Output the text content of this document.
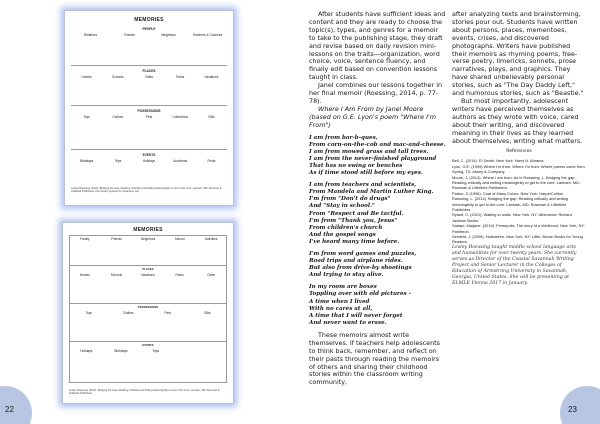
MEMORIES
PEOPLE
Relatives	Friends	Neighbors	Teachers & Coaches
PLACES
Homes	Schools	Cities	Parks	Vacations
POSSESSIONS
Toys	Clothes	Pets	Collections	Gifts
EVENTS
Birthdays	Trips	Holidays	Accidents	Firsts
Lesley Roessing (2014). Bridging the Gap: Reading Critically and Writing Meaningfully to Get to the Core. Lanham, MD: Rowman & Littlefield Publishers. Permission granted for classroom use.
MEMORIES
Family	Friends	Neighbors	School	Activities
PLACES
Homes	Schools	Vacations	Parks	Cities
POSSESSIONS
Toys	Clothes	Pets	Gifts
EVENTS
Holidays	Birthdays	Trips
Lesley Roessing (2014). Bridging the Gap: Reading Critically and Writing Meaningfully to Get to the Core. Lanham, MD: Rowman & Littlefield Publishers.
22

After students have sufficient ideas and content and they are ready to choose the topic(s), types, and genres for a memoir to take to the publishing stage, they draft and revise based on daily revision mini-lessons on the traits—organization, word choice, voice, sentence fluency, and finally edit based on convention lessons taught in class.

Janel combines our lessons together in her final memoir (Roessing, 2014, p. 77-78).

Where I Am From by Janel Moore (based on G.E. Lyon's poem "Where I'm From")

I am from bar-b-ques,
From corn-on-the-cob and mac-and-cheese.
I am from mowed grass and tall trees.
I am from the never-finished playground
That has no swing or benches
As if time stood still before my eyes.
I am from teachers and scientists,
From Mandela and Martin Luther King.
I'm from "Don't do drugs"
And "Stay in school."
From "Respect and Be tactful.
I'm from "Thank you, Jesus"
From children's church
And the gospel songs
I've heard many time before.
I'm from word games and puzzles,
Road trips and airplane rides.
But also from drive-by shootings
And trying to stay alive.
In my room are boxes
Toppling over with old pictures -
A time when I lived
With no cares at all,
A time that I will never forget
And never want to erase.

These memoirs almost write themselves. If teachers help adolescents to think back, remember, and reflect on their pasts through reading the memoirs of others and sharing their childhood stories within the classroom writing community,

after analyzing texts and brainstorming, stories pour out. Students have written about persons, places, mementoes, events, crises, and discovered photographs. Writers have published their memoirs as rhyming poems, free-verse poetry, limericks, sonnets, prose narratives, plays, and graphics. They have shared unbelievably personal stories, such as "The Day Daddy Left," and humorous stories, such as "Beastie."

But most importantly, adolescent writers have perceived themselves as authors as they wrote with voice, cared about their writing, and discovered meaning in their lives as they learned about themselves, writing what matters.

References

Bell, C. (2014). El Deafo. New York: Harry N. Abrams.

Lyon, G.E. (1999) Where I'm from. Where I'm from: Where poems come from. Spring, TX: Absey & Company.

Moore, J. (2014). Where I am from. As in Roessing, L. Bridging the gap: Reading critically and writing meaningfully to get to the core. Lanham, MD: Rowman & Littlefield Publishers.

Parton, D (1996). Coat of Many Colors. New York: HarperCollins.

Roessing, L. (2014). Bridging the gap: Reading critically and writing meaningfully to get to the core. Lanham, MD: Rowman & Littlefield Publishers.

Rylant, C. (2001). Waiting to waltz. New York, NY: Atheneum/ Richard Jackson Books.

Satrapi, Marjane. (2014). Persepolis: The story of a childhood. New York, NY: Pantheon.

Seinfeld, J. (2008). Halloween. New York, NY: Little, Brown Books for Young Readers.

Lesley Roessing taught middle school language arts and humanities for over twenty years. She currently serves as Director of the Coastal Savannah Writing Project and Senior Lecturer in the Colleges of Education of Armstrong University in Savannah, Georgia, United States. She will be presenting at ELMLE Vienna 2017 in January.

23
